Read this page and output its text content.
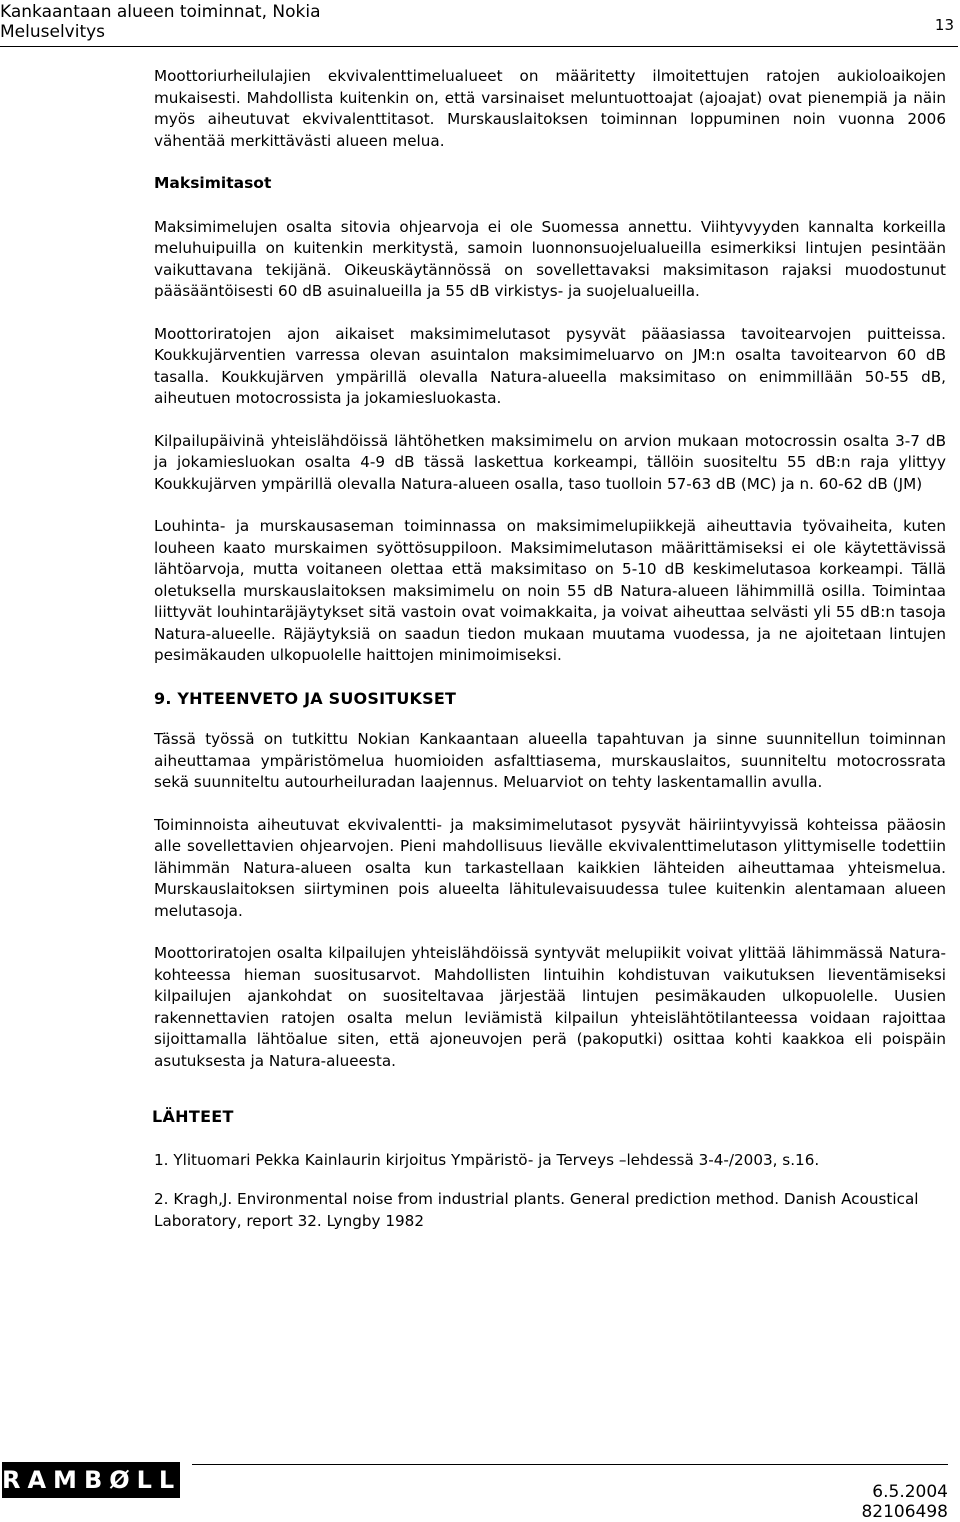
Kankaantaan alueen toiminnat, Nokia
Meluselvitys	13

Moottoriurheilulajien ekvivalenttimelualueet on määritetty ilmoitettujen ratojen aukioloaikojen mukaisesti. Mahdollista kuitenkin on, että varsinaiset meluntuottoajat (ajoajat) ovat pienempiä ja näin myös aiheutuvat ekvivalenttitasot. Murskauslaitoksen toiminnan loppuminen noin vuonna 2006 vähentää merkittävästi alueen melua.

Maksimitasot

Maksimimelujen osalta sitovia ohjearvoja ei ole Suomessa annettu. Viihtyvyyden kannalta korkeilla meluhuipuilla on kuitenkin merkitystä, samoin luonnonsuojelualueilla esimerkiksi lintujen pesintään vaikuttavana tekijänä. Oikeuskäytännössä on sovellettavaksi maksimitason rajaksi muodostunut pääsääntöisesti 60 dB asuinalueilla ja 55 dB virkistys- ja suojelualueilla.

Moottoriratojen ajon aikaiset maksimimelutasot pysyvät pääasiassa tavoitearvojen puitteissa. Koukkujärventien varressa olevan asuintalon maksimimeluarvo on JM:n osalta tavoitearvon 60 dB tasalla. Koukkujärven ympärillä olevalla Natura-alueella maksimitaso on enimmillään 50-55 dB, aiheutuen motocrossista ja jokamiesluokasta.

Kilpailupäivinä yhteislähdöissä lähtöhetken maksimimelu on arvion mukaan motocrossin osalta 3-7 dB ja jokamiesluokan osalta 4-9 dB tässä laskettua korkeampi, tällöin suositeltu 55 dB:n raja ylittyy Koukkujärven ympärillä olevalla Natura-alueen osalla, taso tuolloin 57-63 dB (MC) ja n. 60-62 dB (JM)

Louhinta- ja murskausaseman toiminnassa on maksimimelupiikkejä aiheuttavia työvaiheita, kuten louheen kaato murskaimen syöttösuppiloon. Maksimimelutason määrittämiseksi ei ole käytettävissä lähtöarvoja, mutta voitaneen olettaa että maksimitaso on 5-10 dB keskimelutasoa korkeampi. Tällä oletuksella murskauslaitoksen maksimimelu on noin 55 dB Natura-alueen lähimmillä osilla. Toimintaa liittyvät louhintaräjäytykset sitä vastoin ovat voimakkaita, ja voivat aiheuttaa selvästi yli 55 dB:n tasoja Natura-alueelle. Räjäytyksiä on saadun tiedon mukaan muutama vuodessa, ja ne ajoitetaan lintujen pesimäkauden ulkopuolelle haittojen minimoimiseksi.

9. YHTEENVETO JA SUOSITUKSET

Tässä työssä on tutkittu Nokian Kankaantaan alueella tapahtuvan ja sinne suunnitellun toiminnan aiheuttamaa ympäristömelua huomioiden asfalttiasema, murskauslaitos, suunniteltu motocrossrata sekä suunniteltu autourheiluradan laajennus. Meluarviot on tehty laskentamallin avulla.

Toiminnoista aiheutuvat ekvivalentti- ja maksimimelutasot pysyvät häiriintyvyissä kohteissa pääosin alle sovellettavien ohjearvojen. Pieni mahdollisuus lievälle ekvivalenttimelutason ylittymiselle todettiin lähimmän Natura-alueen osalta kun tarkastellaan kaikkien lähteiden aiheuttamaa yhteismelua. Murskauslaitoksen siirtyminen pois alueelta lähitulevaisuudessa tulee kuitenkin alentamaan alueen melutasoja.

Moottoriratojen osalta kilpailujen yhteislähdöissä syntyvät melupiikit voivat ylittää lähimmässä Natura-kohteessa hieman suositusarvot. Mahdollisten lintuihin kohdistuvan vaikutuksen lieventämiseksi kilpailujen ajankohdat on suositeltavaa järjestää lintujen pesimäkauden ulkopuolelle. Uusien rakennettavien ratojen osalta melun leviämistä kilpailun yhteislähtötilanteessa voidaan rajoittaa sijoittamalla lähtöalue siten, että ajoneuvojen perä (pakoputki) osittaa kohti kaakkoa eli poispäin asutuksesta ja Natura-alueesta.

LÄHTEET

1. Ylituomari Pekka Kainlaurin kirjoitus Ympäristö- ja Terveys –lehdessä 3-4-/2003, s.16.

2. Kragh,J. Environmental noise from industrial plants. General prediction method. Danish Acoustical Laboratory, report 32. Lyngby 1982

RAMBØLL	6.5.2004
82106498
